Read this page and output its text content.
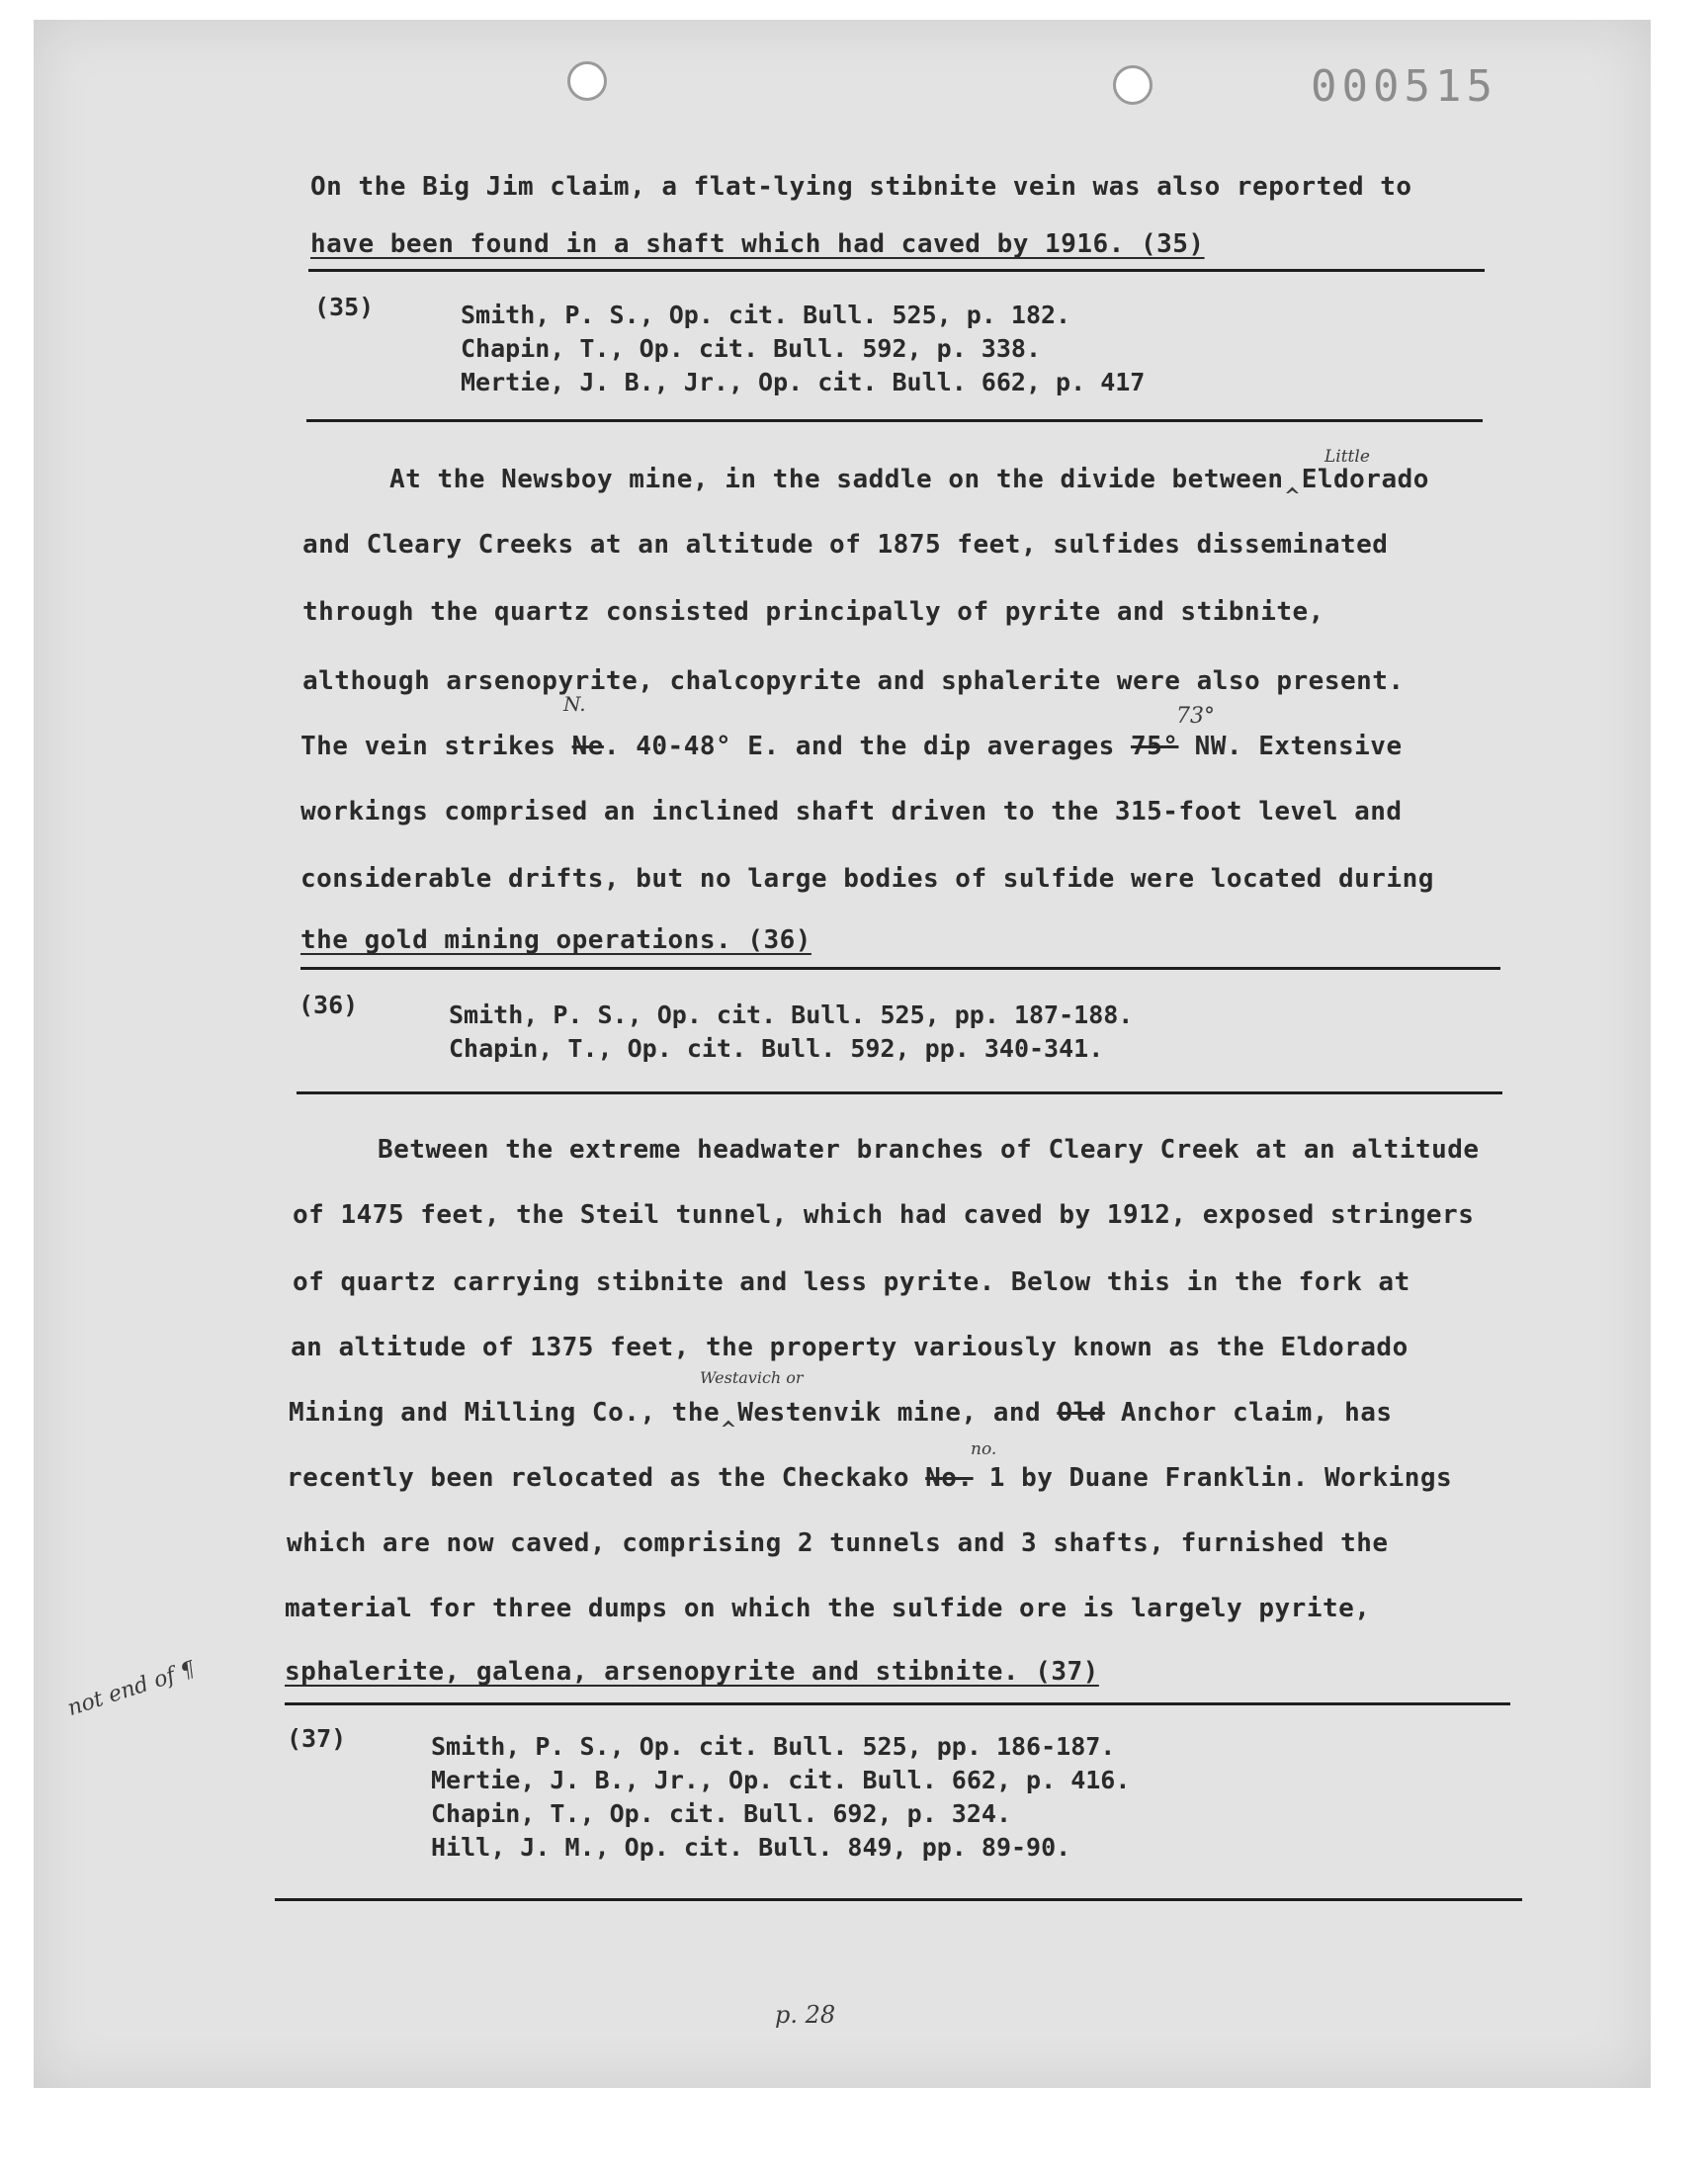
000515
On the Big Jim claim, a flat-lying stibnite vein was also reported to
have been found in a shaft which had caved by 1916. (35)
(35)	Smith, P. S., Op. cit. Bull. 525, p. 182.
Chapin, T., Op. cit. Bull. 592, p. 338.
Mertie, J. B., Jr., Op. cit. Bull. 662, p. 417
Little
At the Newsboy mine, in the saddle on the divide between‸Eldorado
and Cleary Creeks at an altitude of 1875 feet, sulfides disseminated
through the quartz consisted principally of pyrite and stibnite,
although arsenopyrite, chalcopyrite and sphalerite were also present.
N.	73°
The vein strikes Ne. 40-48° E. and the dip averages 75° NW. Extensive
workings comprised an inclined shaft driven to the 315-foot level and
considerable drifts, but no large bodies of sulfide were located during
the gold mining operations. (36)
(36)	Smith, P. S., Op. cit. Bull. 525, pp. 187-188.
Chapin, T., Op. cit. Bull. 592, pp. 340-341.
Between the extreme headwater branches of Cleary Creek at an altitude
of 1475 feet, the Steil tunnel, which had caved by 1912, exposed stringers
of quartz carrying stibnite and less pyrite. Below this in the fork at
an altitude of 1375 feet, the property variously known as the Eldorado
Westavich or
Mining and Milling Co., the‸Westenvik mine, and Old Anchor claim, has
no.
recently been relocated as the Checkako No. 1 by Duane Franklin. Workings
which are now caved, comprising 2 tunnels and 3 shafts, furnished the
material for three dumps on which the sulfide ore is largely pyrite,
sphalerite, galena, arsenopyrite and stibnite. (37)
not end of ¶
(37)	Smith, P. S., Op. cit. Bull. 525, pp. 186-187.
Mertie, J. B., Jr., Op. cit. Bull. 662, p. 416.
Chapin, T., Op. cit. Bull. 692, p. 324.
Hill, J. M., Op. cit. Bull. 849, pp. 89-90.
p. 28
